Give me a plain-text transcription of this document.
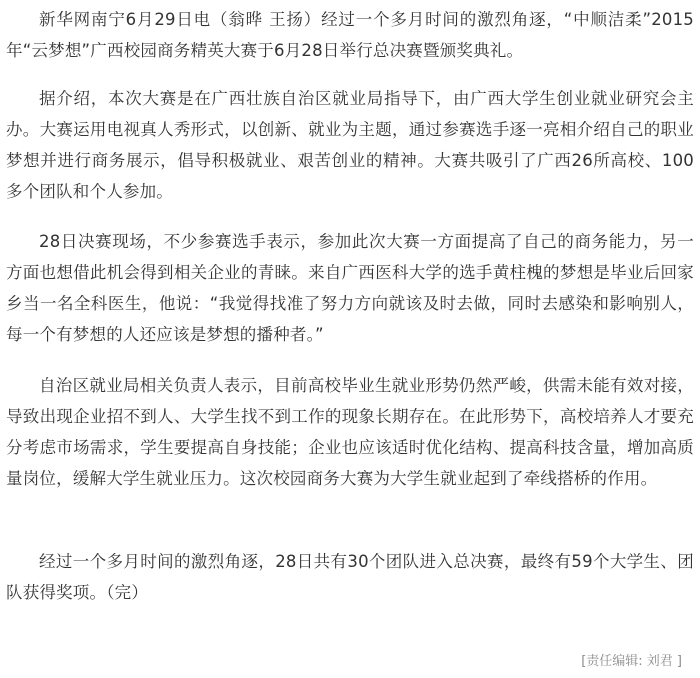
新华网南宁6月29日电（翁晔 王扬）经过一个多月时间的激烈角逐，“中顺洁柔”2015年“云梦想”广西校园商务精英大赛于6月28日举行总决赛暨颁奖典礼。

据介绍，本次大赛是在广西壮族自治区就业局指导下，由广西大学生创业就业研究会主办。大赛运用电视真人秀形式，以创新、就业为主题，通过参赛选手逐一亮相介绍自己的职业梦想并进行商务展示，倡导积极就业、艰苦创业的精神。大赛共吸引了广西26所高校、100多个团队和个人参加。

28日决赛现场，不少参赛选手表示，参加此次大赛一方面提高了自己的商务能力，另一方面也想借此机会得到相关企业的青睐。来自广西医科大学的选手黄柱槐的梦想是毕业后回家乡当一名全科医生，他说：“我觉得找准了努力方向就该及时去做，同时去感染和影响别人，每一个有梦想的人还应该是梦想的播种者。”

自治区就业局相关负责人表示，目前高校毕业生就业形势仍然严峻，供需未能有效对接，导致出现企业招不到人、大学生找不到工作的现象长期存在。在此形势下，高校培养人才要充分考虑市场需求，学生要提高自身技能；企业也应该适时优化结构、提高科技含量，增加高质量岗位，缓解大学生就业压力。这次校园商务大赛为大学生就业起到了牵线搭桥的作用。

经过一个多月时间的激烈角逐，28日共有30个团队进入总决赛，最终有59个大学生、团队获得奖项。（完）

[责任编辑: 刘君 ]
